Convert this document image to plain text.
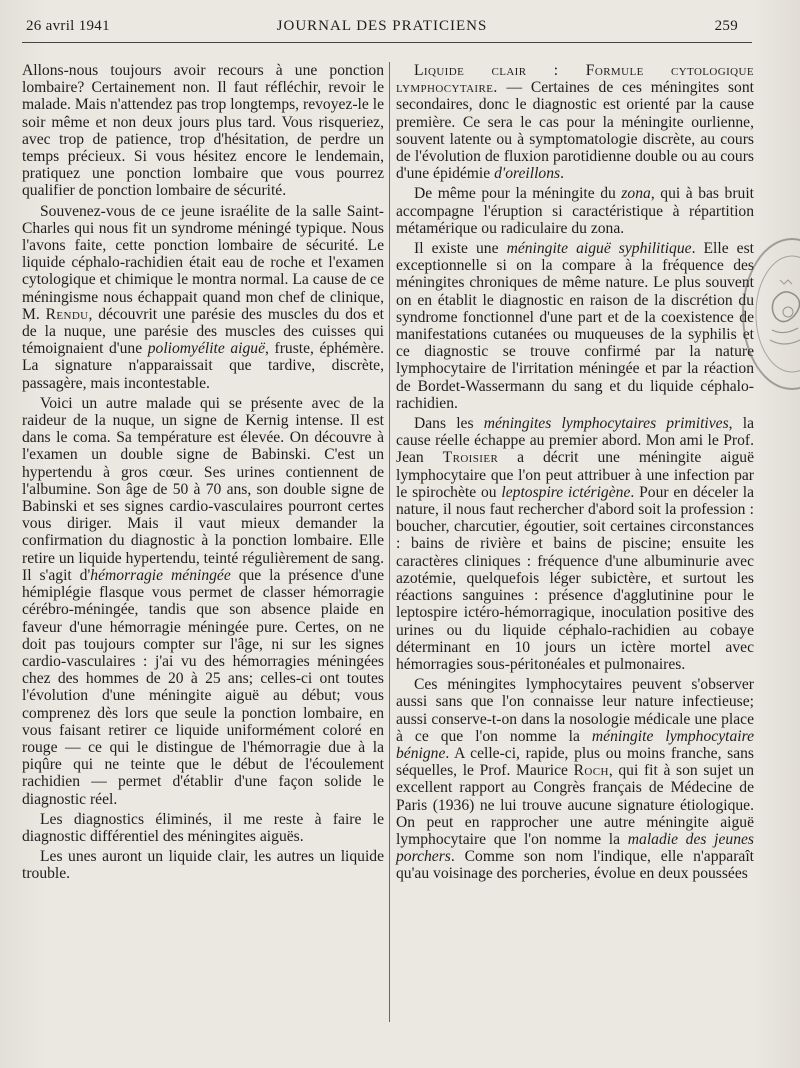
26 avril 1941	JOURNAL DES PRATICIENS	259

Allons-nous toujours avoir recours à une ponction lombaire? Certainement non. Il faut réfléchir, revoir le malade. Mais n'attendez pas trop longtemps, revoyez-le le soir même et non deux jours plus tard. Vous risqueriez, avec trop de patience, trop d'hésitation, de perdre un temps précieux. Si vous hésitez encore le lendemain, pratiquez une ponction lombaire que vous pourrez qualifier de ponction lombaire de sécurité.

Souvenez-vous de ce jeune israélite de la salle Saint-Charles qui nous fit un syndrome méningé typique. Nous l'avons faite, cette ponction lombaire de sécurité. Le liquide céphalo-rachidien était eau de roche et l'examen cytologique et chimique le montra normal. La cause de ce méningisme nous échappait quand mon chef de clinique, M. Rendu, découvrit une parésie des muscles du dos et de la nuque, une parésie des muscles des cuisses qui témoignaient d'une poliomyélite aiguë, fruste, éphémère. La signature n'apparaissait que tardive, discrète, passagère, mais incontestable.

Voici un autre malade qui se présente avec de la raideur de la nuque, un signe de Kernig intense. Il est dans le coma. Sa température est élevée. On découvre à l'examen un double signe de Babinski. C'est un hypertendu à gros cœur. Ses urines contiennent de l'albumine. Son âge de 50 à 70 ans, son double signe de Babinski et ses signes cardio-vasculaires pourront certes vous diriger. Mais il vaut mieux demander la confirmation du diagnostic à la ponction lombaire. Elle retire un liquide hypertendu, teinté régulièrement de sang. Il s'agit d'hémorragie méningée que la présence d'une hémiplégie flasque vous permet de classer hémorragie cérébro-méningée, tandis que son absence plaide en faveur d'une hémorragie méningée pure. Certes, on ne doit pas toujours compter sur l'âge, ni sur les signes cardio-vasculaires : j'ai vu des hémorragies méningées chez des hommes de 20 à 25 ans; celles-ci ont toutes l'évolution d'une méningite aiguë au début; vous comprenez dès lors que seule la ponction lombaire, en vous faisant retirer ce liquide uniformément coloré en rouge — ce qui le distingue de l'hémorragie due à la piqûre qui ne teinte que le début de l'écoulement rachidien — permet d'établir d'une façon solide le diagnostic réel.

Les diagnostics éliminés, il me reste à faire le diagnostic différentiel des méningites aiguës.

Les unes auront un liquide clair, les autres un liquide trouble.

Liquide clair : Formule cytologique lymphocytaire. — Certaines de ces méningites sont secondaires, donc le diagnostic est orienté par la cause première. Ce sera le cas pour la méningite ourlienne, souvent latente ou à symptomatologie discrète, au cours de l'évolution de fluxion parotidienne double ou au cours d'une épidémie d'oreillons.

De même pour la méningite du zona, qui à bas bruit accompagne l'éruption si caractéristique à répartition métamérique ou radiculaire du zona.

Il existe une méningite aiguë syphilitique. Elle est exceptionnelle si on la compare à la fréquence des méningites chroniques de même nature. Le plus souvent on en établit le diagnostic en raison de la discrétion du syndrome fonctionnel d'une part et de la coexistence de manifestations cutanées ou muqueuses de la syphilis et ce diagnostic se trouve confirmé par la nature lymphocytaire de l'irritation méningée et par la réaction de Bordet-Wassermann du sang et du liquide céphalo-rachidien.

Dans les méningites lymphocytaires primitives, la cause réelle échappe au premier abord. Mon ami le Prof. Jean Troisier a décrit une méningite aiguë lymphocytaire que l'on peut attribuer à une infection par le spirochète ou leptospire ictérigène. Pour en déceler la nature, il nous faut rechercher d'abord soit la profession : boucher, charcutier, égoutier, soit certaines circonstances : bains de rivière et bains de piscine; ensuite les caractères cliniques : fréquence d'une albuminurie avec azotémie, quelquefois léger subictère, et surtout les réactions sanguines : présence d'agglutinine pour le leptospire ictéro-hémorragique, inoculation positive des urines ou du liquide céphalo-rachidien au cobaye déterminant en 10 jours un ictère mortel avec hémorragies sous-péritonéales et pulmonaires.

Ces méningites lymphocytaires peuvent s'observer aussi sans que l'on connaisse leur nature infectieuse; aussi conserve-t-on dans la nosologie médicale une place à ce que l'on nomme la méningite lymphocytaire bénigne. A celle-ci, rapide, plus ou moins franche, sans séquelles, le Prof. Maurice Roch, qui fit à son sujet un excellent rapport au Congrès français de Médecine de Paris (1936) ne lui trouve aucune signature étiologique. On peut en rapprocher une autre méningite aiguë lymphocytaire que l'on nomme la maladie des jeunes porchers. Comme son nom l'indique, elle n'apparaît qu'au voisinage des porcheries, évolue en deux poussées
